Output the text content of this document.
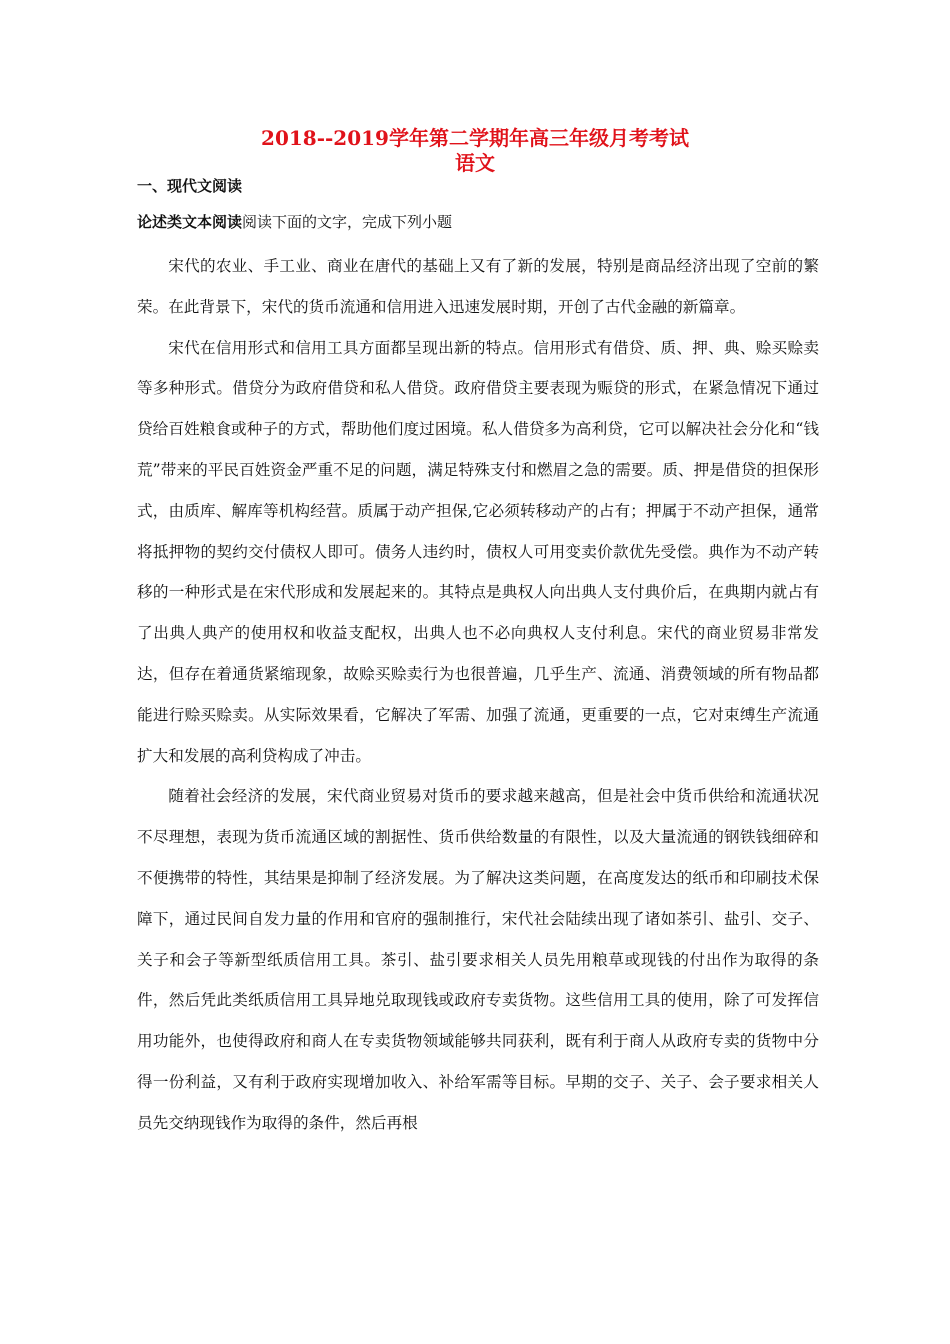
2018--2019学年第二学期年高三年级月考考试
语文
一、现代文阅读
论述类文本阅读阅读下面的文字，完成下列小题

宋代的农业、手工业、商业在唐代的基础上又有了新的发展，特别是商品经济出现了空前的繁荣。在此背景下，宋代的货币流通和信用进入迅速发展时期，开创了古代金融的新篇章。

宋代在信用形式和信用工具方面都呈现出新的特点。信用形式有借贷、质、押、典、赊买赊卖等多种形式。借贷分为政府借贷和私人借贷。政府借贷主要表现为赈贷的形式，在紧急情况下通过贷给百姓粮食或种子的方式，帮助他们度过困境。私人借贷多为高利贷，它可以解决社会分化和“钱荒”带来的平民百姓资金严重不足的问题，满足特殊支付和燃眉之急的需要。质、押是借贷的担保形式，由质库、解库等机构经营。质属于动产担保,它必须转移动产的占有；押属于不动产担保，通常将抵押物的契约交付债权人即可。债务人违约时，债权人可用变卖价款优先受偿。典作为不动产转移的一种形式是在宋代形成和发展起来的。其特点是典权人向出典人支付典价后，在典期内就占有了出典人典产的使用权和收益支配权，出典人也不必向典权人支付利息。宋代的商业贸易非常发达，但存在着通货紧缩现象，故赊买赊卖行为也很普遍，几乎生产、流通、消费领域的所有物品都能进行赊买赊卖。从实际效果看，它解决了军需、加强了流通，更重要的一点，它对束缚生产流通扩大和发展的高利贷构成了冲击。

随着社会经济的发展，宋代商业贸易对货币的要求越来越高，但是社会中货币供给和流通状况不尽理想，表现为货币流通区域的割据性、货币供给数量的有限性，以及大量流通的钢铁钱细碎和不便携带的特性，其结果是抑制了经济发展。为了解决这类问题，在高度发达的纸币和印刷技术保障下，通过民间自发力量的作用和官府的强制推行，宋代社会陆续出现了诸如茶引、盐引、交子、关子和会子等新型纸质信用工具。茶引、盐引要求相关人员先用粮草或现钱的付出作为取得的条件，然后凭此类纸质信用工具异地兑取现钱或政府专卖货物。这些信用工具的使用，除了可发挥信用功能外，也使得政府和商人在专卖货物领域能够共同获利，既有利于商人从政府专卖的货物中分得一份利益，又有利于政府实现增加收入、补给军需等目标。早期的交子、关子、会子要求相关人员先交纳现钱作为取得的条件，然后再根
